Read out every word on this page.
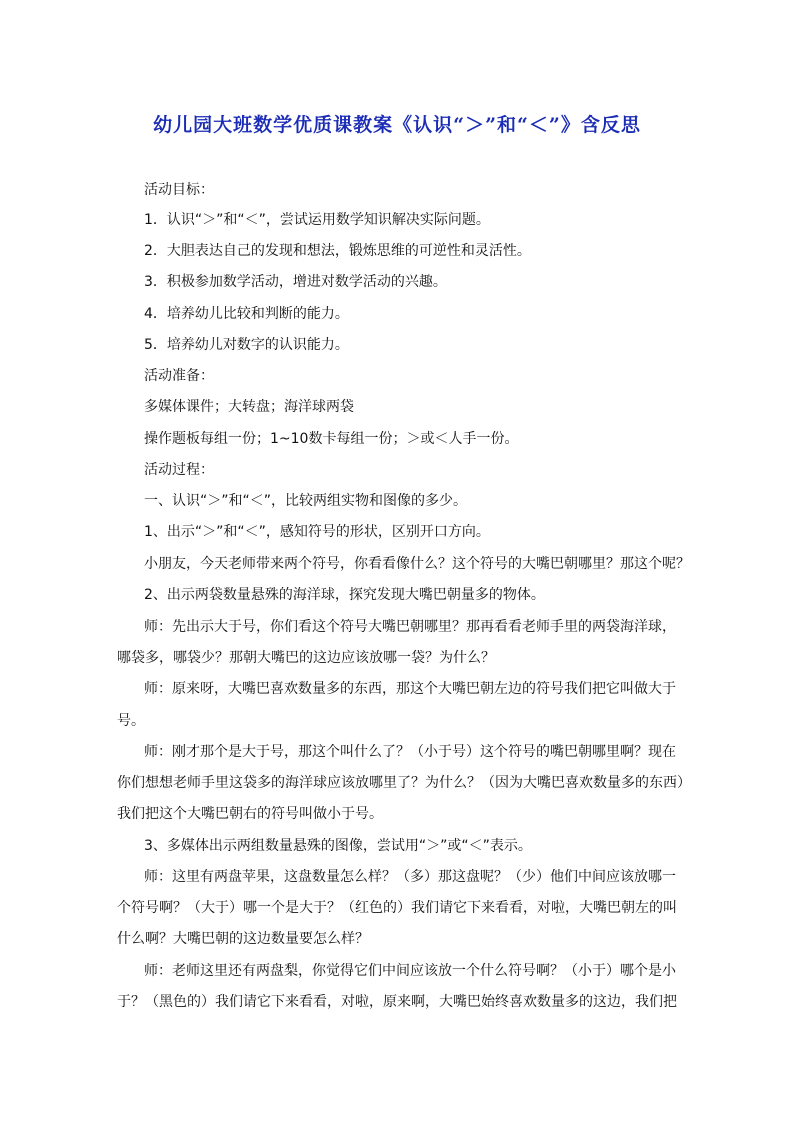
幼儿园大班数学优质课教案《认识“＞”和“＜”》含反思
活动目标：
1．认识“＞”和“＜”，尝试运用数学知识解决实际问题。
2．大胆表达自己的发现和想法，锻炼思维的可逆性和灵活性。
3．积极参加数学活动，增进对数学活动的兴趣。
4．培养幼儿比较和判断的能力。
5．培养幼儿对数字的认识能力。
活动准备：
多媒体课件；大转盘；海洋球两袋
操作题板每组一份；1~10数卡每组一份；＞或＜人手一份。
活动过程：
一、认识“＞”和“＜”，比较两组实物和图像的多少。
1、出示“＞”和“＜”，感知符号的形状，区别开口方向。
小朋友，今天老师带来两个符号，你看看像什么？这个符号的大嘴巴朝哪里？那这个呢？
2、出示两袋数量悬殊的海洋球，探究发现大嘴巴朝量多的物体。
师：先出示大于号，你们看这个符号大嘴巴朝哪里？那再看看老师手里的两袋海洋球，
哪袋多，哪袋少？那朝大嘴巴的这边应该放哪一袋？为什么？
师：原来呀，大嘴巴喜欢数量多的东西，那这个大嘴巴朝左边的符号我们把它叫做大于
号。
师：刚才那个是大于号，那这个叫什么了？（小于号）这个符号的嘴巴朝哪里啊？现在
你们想想老师手里这袋多的海洋球应该放哪里了？为什么？（因为大嘴巴喜欢数量多的东西）
我们把这个大嘴巴朝右的符号叫做小于号。
3、多媒体出示两组数量悬殊的图像，尝试用“＞”或“＜”表示。
师：这里有两盘苹果，这盘数量怎么样？（多）那这盘呢？（少）他们中间应该放哪一
个符号啊？（大于）哪一个是大于？（红色的）我们请它下来看看，对啦，大嘴巴朝左的叫
什么啊？大嘴巴朝的这边数量要怎么样？
师：老师这里还有两盘梨，你觉得它们中间应该放一个什么符号啊？（小于）哪个是小
于？（黑色的）我们请它下来看看，对啦，原来啊，大嘴巴始终喜欢数量多的这边，我们把
